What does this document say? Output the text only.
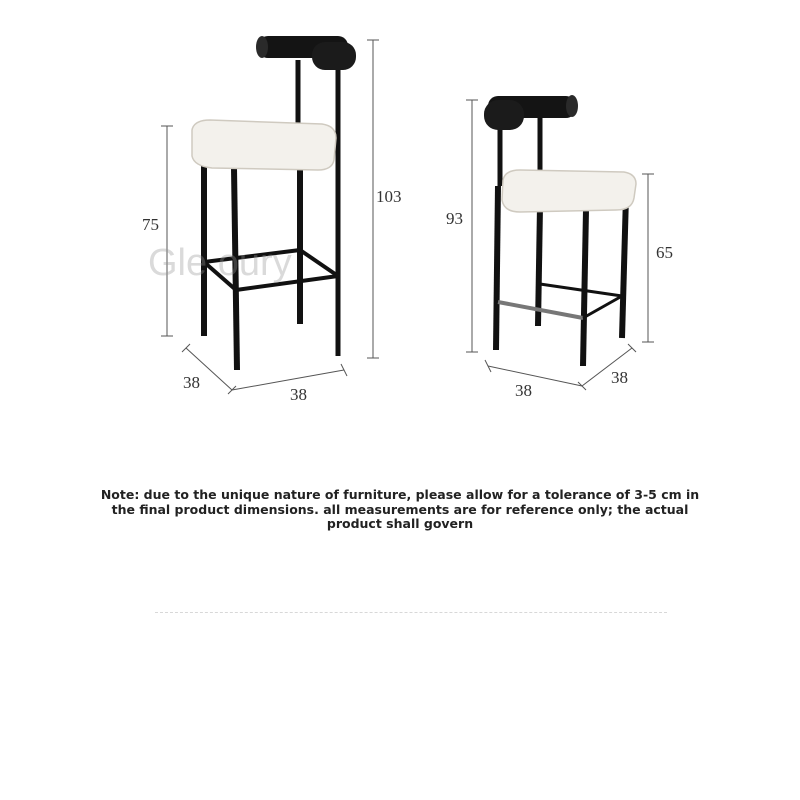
Gle oury
75
103
38
38
93
65
38
38
Note: due to the unique nature of furniture, please allow for a tolerance of 3-5 cm in the final product dimensions. all measurements are for reference only; the actual product shall govern
